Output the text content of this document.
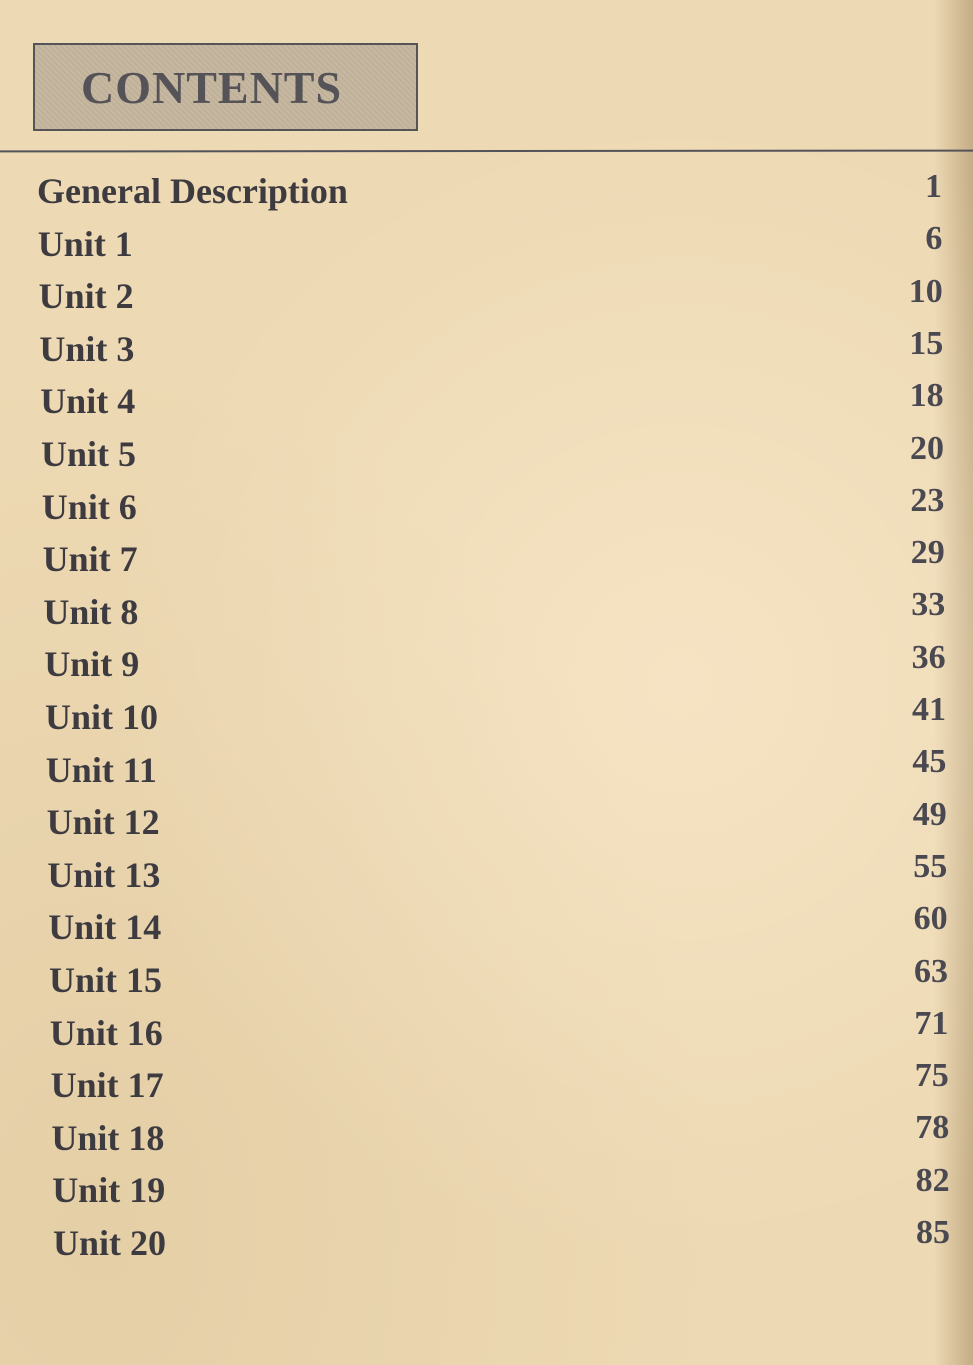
CONTENTS
General Description	1
Unit 1	6
Unit 2	10
Unit 3	15
Unit 4	18
Unit 5	20
Unit 6	23
Unit 7	29
Unit 8	33
Unit 9	36
Unit 10	41
Unit 11	45
Unit 12	49
Unit 13	55
Unit 14	60
Unit 15	63
Unit 16	71
Unit 17	75
Unit 18	78
Unit 19	82
Unit 20	85
